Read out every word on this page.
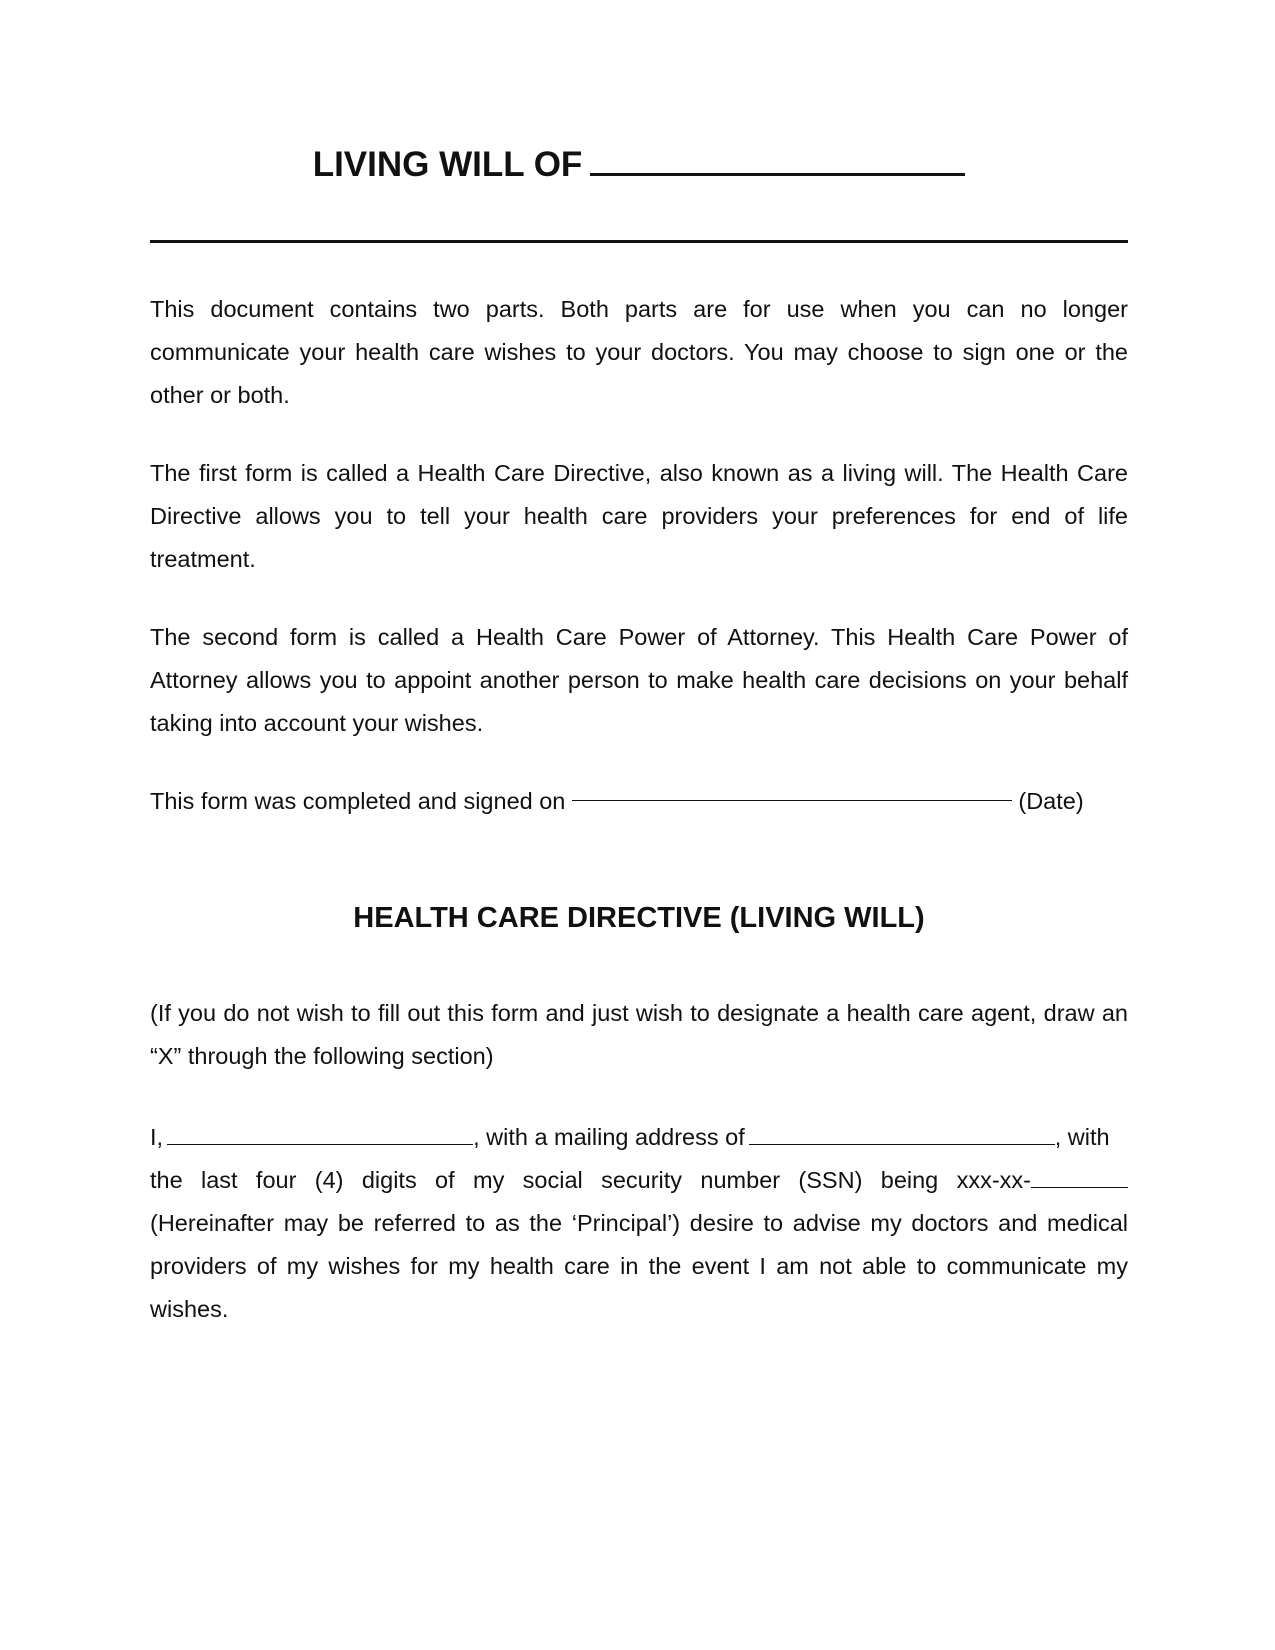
LIVING WILL OF
This document contains two parts. Both parts are for use when you can no longer communicate your health care wishes to your doctors. You may choose to sign one or the other or both.
The first form is called a Health Care Directive, also known as a living will. The Health Care Directive allows you to tell your health care providers your preferences for end of life treatment.
The second form is called a Health Care Power of Attorney. This Health Care Power of Attorney allows you to appoint another person to make health care decisions on your behalf taking into account your wishes.
This form was completed and signed on	(Date)
HEALTH CARE DIRECTIVE (LIVING WILL)
(If you do not wish to fill out this form and just wish to designate a health care agent, draw an “X” through the following section)
I,	, with a mailing address of	, with
the last four (4) digits of my social security number (SSN) being xxx-xx-
(Hereinafter may be referred to as the ‘Principal’) desire to advise my doctors and medical providers of my wishes for my health care in the event I am not able to communicate my wishes.
